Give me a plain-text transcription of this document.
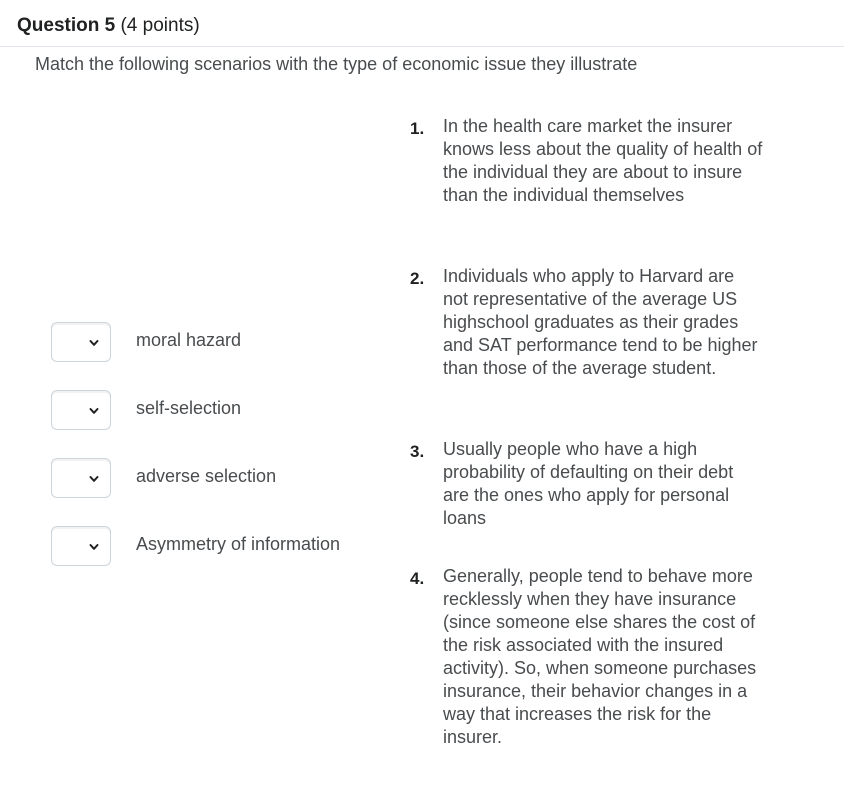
Question 5 (4 points)
Match the following scenarios with the type of economic issue they illustrate
moral hazard
self-selection
adverse selection
Asymmetry of information
1. In the health care market the insurer knows less about the quality of health of the individual they are about to insure than the individual themselves
2. Individuals who apply to Harvard are not representative of the average US highschool graduates as their grades and SAT performance tend to be higher than those of the average student.
3. Usually people who have a high probability of defaulting on their debt are the ones who apply for personal loans
4. Generally, people tend to behave more recklessly when they have insurance (since someone else shares the cost of the risk associated with the insured activity). So, when someone purchases insurance, their behavior changes in a way that increases the risk for the insurer.
